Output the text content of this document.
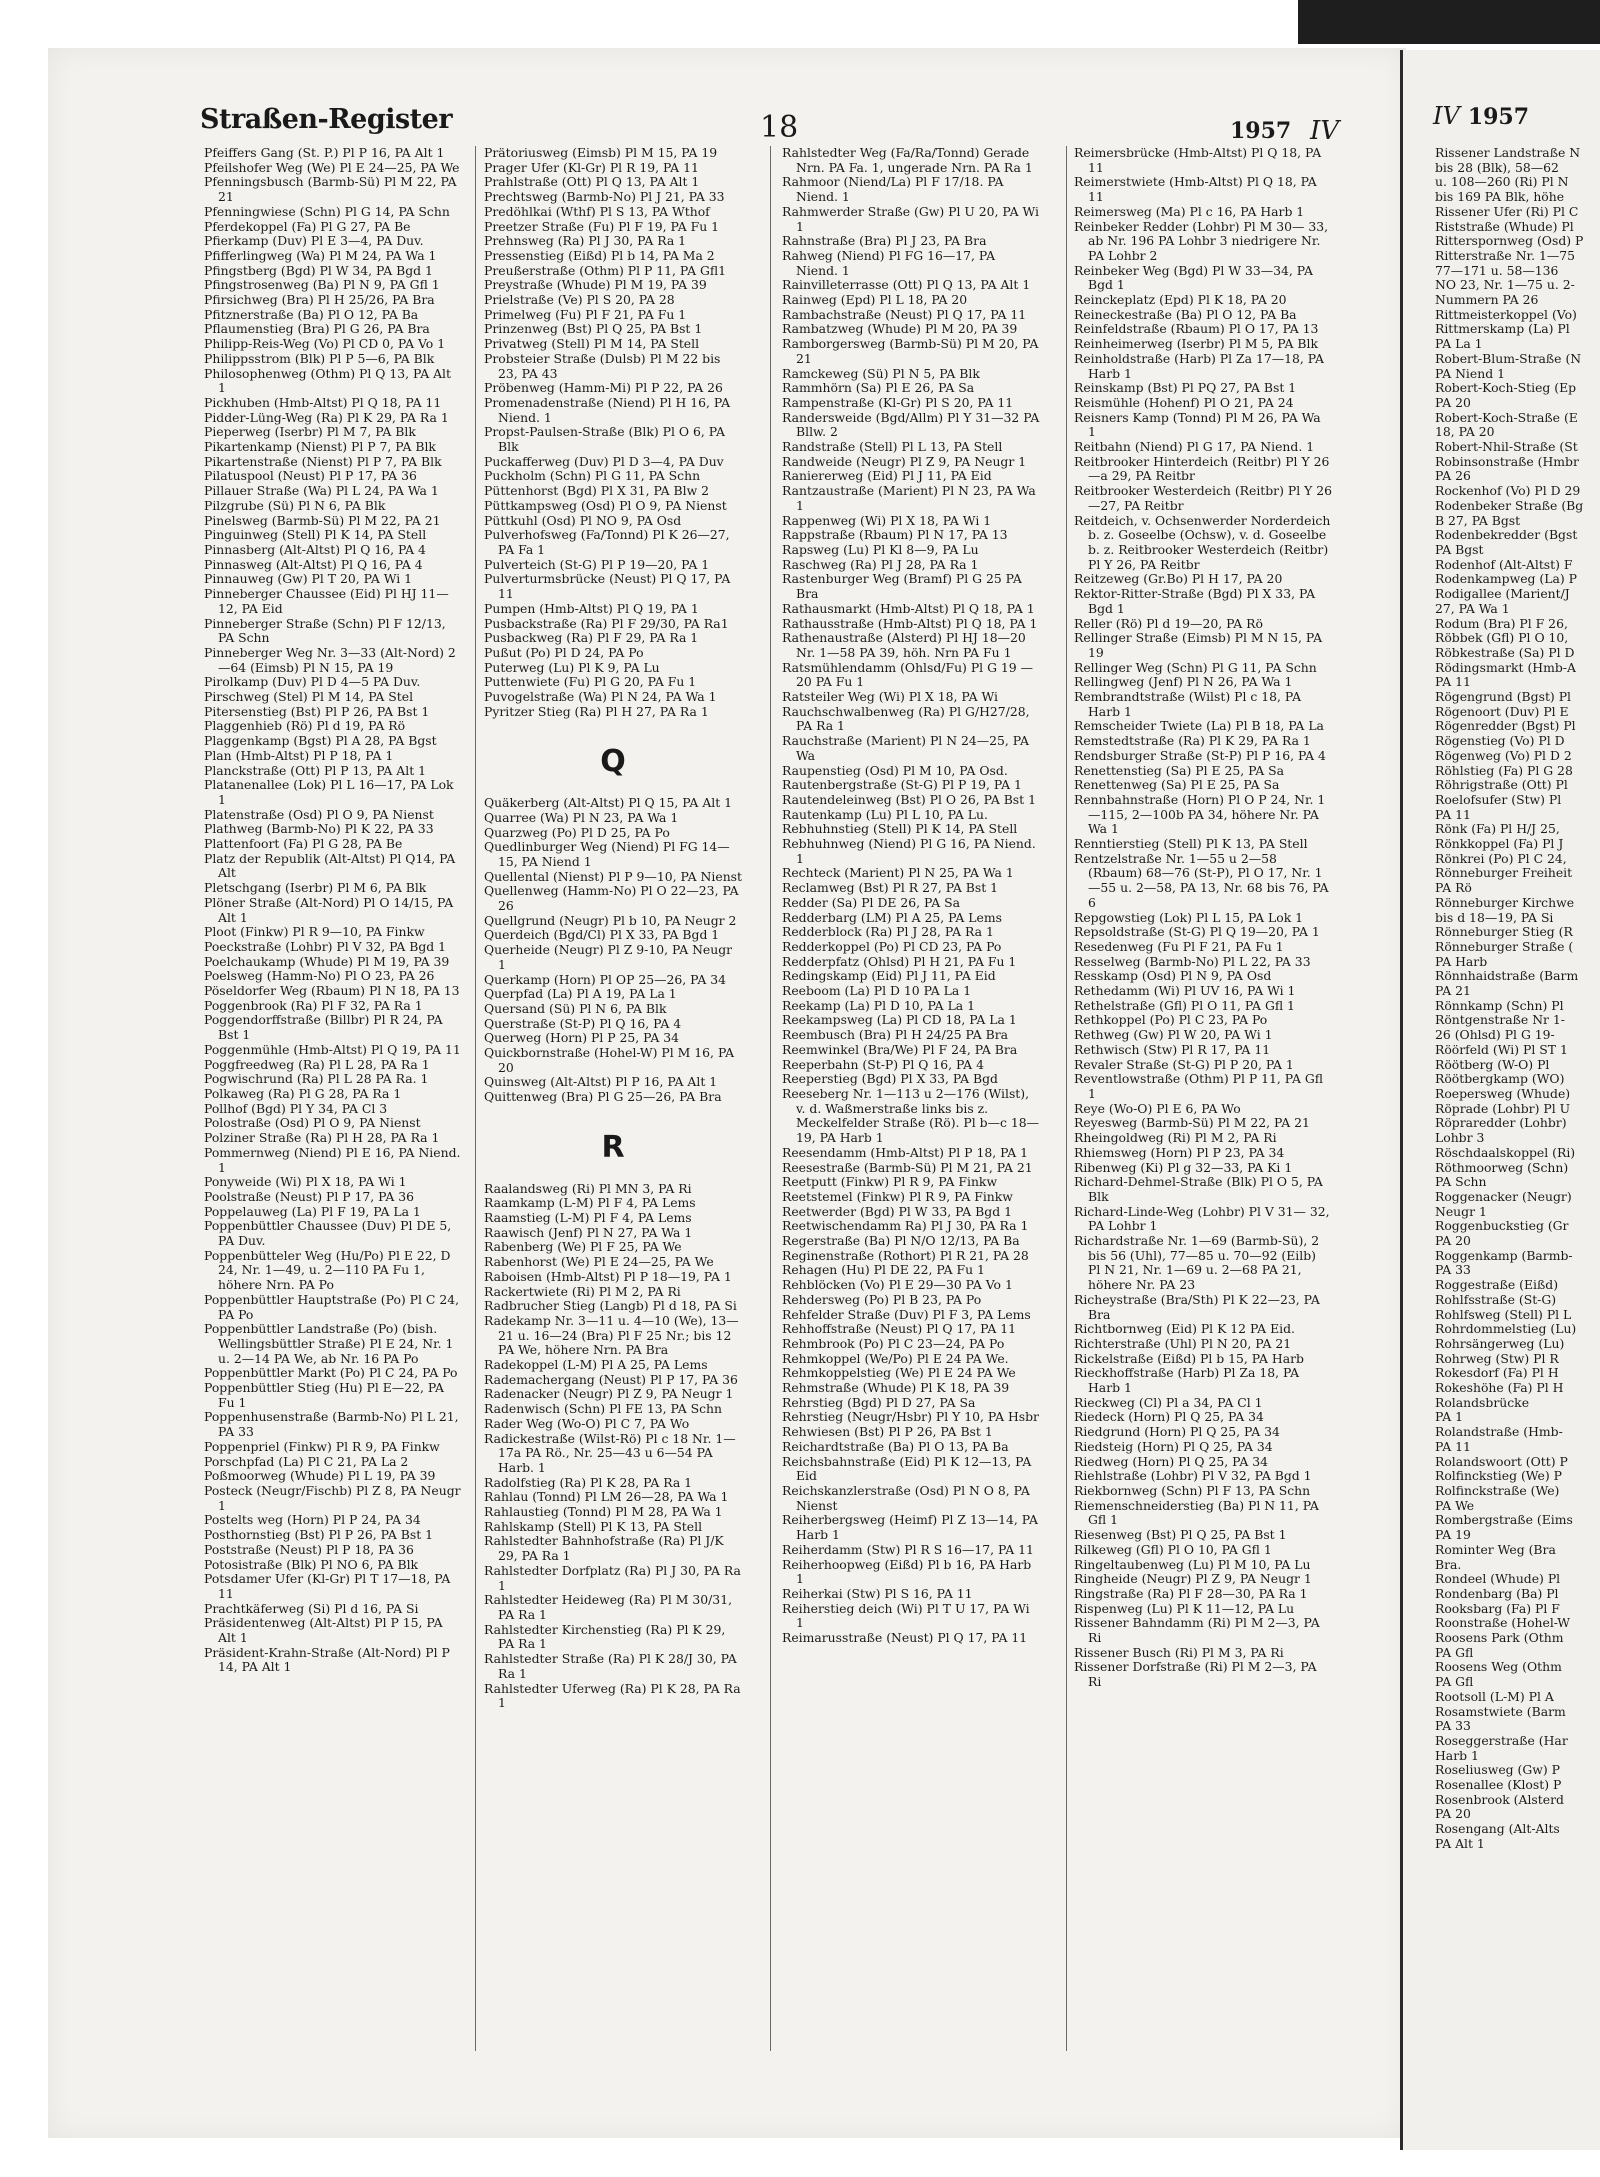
Straßen-Register	18	1957 IV

Pfeiffers Gang (St. P.) Pl P 16, PA Alt 1

Pfeilshofer Weg (We) Pl E 24—25, PA We

Pfenningsbusch (Barmb-Sü) Pl M 22, PA 21

Pfenningwiese (Schn) Pl G 14, PA Schn

Pferdekoppel (Fa) Pl G 27, PA Be

Pfierkamp (Duv) Pl E 3—4, PA Duv.

Pfifferlingweg (Wa) Pl M 24, PA Wa 1

Pfingstberg (Bgd) Pl W 34, PA Bgd 1

Pfingstrosenweg (Ba) Pl N 9, PA Gfl 1

Pfirsichweg (Bra) Pl H 25/26, PA Bra

Pfitznerstraße (Ba) Pl O 12, PA Ba

Pflaumenstieg (Bra) Pl G 26, PA Bra

Philipp-Reis-Weg (Vo) Pl CD 0, PA Vo 1

Philippsstrom (Blk) Pl P 5—6, PA Blk

Philosophenweg (Othm) Pl Q 13, PA Alt 1

Pickhuben (Hmb-Altst) Pl Q 18, PA 11

Pidder-Lüng-Weg (Ra) Pl K 29, PA Ra 1

Pieperweg (Iserbr) Pl M 7, PA Blk

Pikartenkamp (Nienst) Pl P 7, PA Blk

Pikartenstraße (Nienst) Pl P 7, PA Blk

Pilatuspool (Neust) Pl P 17, PA 36

Pillauer Straße (Wa) Pl L 24, PA Wa 1

Pilzgrube (Sü) Pl N 6, PA Blk

Pinelsweg (Barmb-Sü) Pl M 22, PA 21

Pinguinweg (Stell) Pl K 14, PA Stell

Pinnasberg (Alt-Altst) Pl Q 16, PA 4

Pinnasweg (Alt-Altst) Pl Q 16, PA 4

Pinnauweg (Gw) Pl T 20, PA Wi 1

Pinneberger Chaussee (Eid) Pl HJ 11—12, PA Eid

Pinneberger Straße (Schn) Pl F 12/13, PA Schn

Pinneberger Weg Nr. 3—33 (Alt-Nord) 2—64 (Eimsb) Pl N 15, PA 19

Pirolkamp (Duv) Pl D 4—5 PA Duv.

Pirschweg (Stel) Pl M 14, PA Stel

Pitersenstieg (Bst) Pl P 26, PA Bst 1

Plaggenhieb (Rö) Pl d 19, PA Rö

Plaggenkamp (Bgst) Pl A 28, PA Bgst

Plan (Hmb-Altst) Pl P 18, PA 1

Planckstraße (Ott) Pl P 13, PA Alt 1

Platanenallee (Lok) Pl L 16—17, PA Lok 1

Platenstraße (Osd) Pl O 9, PA Nienst

Plathweg (Barmb-No) Pl K 22, PA 33

Plattenfoort (Fa) Pl G 28, PA Be

Platz der Republik (Alt-Altst) Pl Q14, PA Alt

Pletschgang (Iserbr) Pl M 6, PA Blk

Plöner Straße (Alt-Nord) Pl O 14/15, PA Alt 1

Ploot (Finkw) Pl R 9—10, PA Finkw

Poeckstraße (Lohbr) Pl V 32, PA Bgd 1

Poelchaukamp (Whude) Pl M 19, PA 39

Poelsweg (Hamm-No) Pl O 23, PA 26

Pöseldorfer Weg (Rbaum) Pl N 18, PA 13

Poggenbrook (Ra) Pl F 32, PA Ra 1

Poggendorffstraße (Billbr) Pl R 24, PA Bst 1

Poggenmühle (Hmb-Altst) Pl Q 19, PA 11

Poggfreedweg (Ra) Pl L 28, PA Ra 1

Pogwischrund (Ra) Pl L 28 PA Ra. 1

Polkaweg (Ra) Pl G 28, PA Ra 1

Pollhof (Bgd) Pl Y 34, PA Cl 3

Polostraße (Osd) Pl O 9, PA Nienst

Polziner Straße (Ra) Pl H 28, PA Ra 1

Pommernweg (Niend) Pl E 16, PA Niend. 1

Ponyweide (Wi) Pl X 18, PA Wi 1

Poolstraße (Neust) Pl P 17, PA 36

Poppelauweg (La) Pl F 19, PA La 1

Poppenbüttler Chaussee (Duv) Pl DE 5, PA Duv.

Poppenbütteler Weg (Hu/Po) Pl E 22, D 24, Nr. 1—49, u. 2—110 PA Fu 1, höhere Nrn. PA Po

Poppenbüttler Hauptstraße (Po) Pl C 24, PA Po

Poppenbüttler Landstraße (Po) (bish. Wellingsbüttler Straße) Pl E 24, Nr. 1 u. 2—14 PA We, ab Nr. 16 PA Po

Poppenbüttler Markt (Po) Pl C 24, PA Po

Poppenbüttler Stieg (Hu) Pl E—22, PA Fu 1

Poppenhusenstraße (Barmb-No) Pl L 21, PA 33

Poppenpriel (Finkw) Pl R 9, PA Finkw

Porschpfad (La) Pl C 21, PA La 2

Poßmoorweg (Whude) Pl L 19, PA 39

Posteck (Neugr/Fischb) Pl Z 8, PA Neugr 1

Postelts weg (Horn) Pl P 24, PA 34

Posthornstieg (Bst) Pl P 26, PA Bst 1

Poststraße (Neust) Pl P 18, PA 36

Potosistraße (Blk) Pl NO 6, PA Blk

Potsdamer Ufer (Kl-Gr) Pl T 17—18, PA 11

Prachtkäferweg (Si) Pl d 16, PA Si

Präsidentenweg (Alt-Altst) Pl P 15, PA Alt 1

Präsident-Krahn-Straße (Alt-Nord) Pl P 14, PA Alt 1

Prätoriusweg (Eimsb) Pl M 15, PA 19

Prager Ufer (Kl-Gr) Pl R 19, PA 11

Prahlstraße (Ott) Pl Q 13, PA Alt 1

Prechtsweg (Barmb-No) Pl J 21, PA 33

Predöhlkai (Wthf) Pl S 13, PA Wthof

Preetzer Straße (Fu) Pl F 19, PA Fu 1

Prehnsweg (Ra) Pl J 30, PA Ra 1

Pressenstieg (Eißd) Pl b 14, PA Ma 2

Preußerstraße (Othm) Pl P 11, PA Gfl1

Preystraße (Whude) Pl M 19, PA 39

Prielstraße (Ve) Pl S 20, PA 28

Primelweg (Fu) Pl F 21, PA Fu 1

Prinzenweg (Bst) Pl Q 25, PA Bst 1

Privatweg (Stell) Pl M 14, PA Stell

Probsteier Straße (Dulsb) Pl M 22 bis 23, PA 43

Pröbenweg (Hamm-Mi) Pl P 22, PA 26

Promenadenstraße (Niend) Pl H 16, PA Niend. 1

Propst-Paulsen-Straße (Blk) Pl O 6, PA Blk

Puckafferweg (Duv) Pl D 3—4, PA Duv

Puckholm (Schn) Pl G 11, PA Schn

Püttenhorst (Bgd) Pl X 31, PA Blw 2

Püttkampsweg (Osd) Pl O 9, PA Nienst

Püttkuhl (Osd) Pl NO 9, PA Osd

Pulverhofsweg (Fa/Tonnd) Pl K 26—27, PA Fa 1

Pulverteich (St-G) Pl P 19—20, PA 1

Pulverturmsbrücke (Neust) Pl Q 17, PA 11

Pumpen (Hmb-Altst) Pl Q 19, PA 1

Pusbackstraße (Ra) Pl F 29/30, PA Ra1

Pusbackweg (Ra) Pl F 29, PA Ra 1

Pußut (Po) Pl D 24, PA Po

Puterweg (Lu) Pl K 9, PA Lu

Puttenwiete (Fu) Pl G 20, PA Fu 1

Puvogelstraße (Wa) Pl N 24, PA Wa 1

Pyritzer Stieg (Ra) Pl H 27, PA Ra 1

Q

Quäkerberg (Alt-Altst) Pl Q 15, PA Alt 1

Quarree (Wa) Pl N 23, PA Wa 1

Quarzweg (Po) Pl D 25, PA Po

Quedlinburger Weg (Niend) Pl FG 14—15, PA Niend 1

Quellental (Nienst) Pl P 9—10, PA Nienst

Quellenweg (Hamm-No) Pl O 22—23, PA 26

Quellgrund (Neugr) Pl b 10, PA Neugr 2

Querdeich (Bgd/Cl) Pl X 33, PA Bgd 1

Querheide (Neugr) Pl Z 9-10, PA Neugr 1

Querkamp (Horn) Pl OP 25—26, PA 34

Querpfad (La) Pl A 19, PA La 1

Quersand (Sü) Pl N 6, PA Blk

Querstraße (St-P) Pl Q 16, PA 4

Querweg (Horn) Pl P 25, PA 34

Quickbornstraße (Hohel-W) Pl M 16, PA 20

Quinsweg (Alt-Altst) Pl P 16, PA Alt 1

Quittenweg (Bra) Pl G 25—26, PA Bra

R

Raalandsweg (Ri) Pl MN 3, PA Ri

Raamkamp (L-M) Pl F 4, PA Lems

Raamstieg (L-M) Pl F 4, PA Lems

Raawisch (Jenf) Pl N 27, PA Wa 1

Rabenberg (We) Pl F 25, PA We

Rabenhorst (We) Pl E 24—25, PA We

Raboisen (Hmb-Altst) Pl P 18—19, PA 1

Rackertwiete (Ri) Pl M 2, PA Ri

Radbrucher Stieg (Langb) Pl d 18, PA Si

Radekamp Nr. 3—11 u. 4—10 (We), 13—21 u. 16—24 (Bra) Pl F 25 Nr.; bis 12 PA We, höhere Nrn. PA Bra

Radekoppel (L-M) Pl A 25, PA Lems

Rademachergang (Neust) Pl P 17, PA 36

Radenacker (Neugr) Pl Z 9, PA Neugr 1

Radenwisch (Schn) Pl FE 13, PA Schn

Rader Weg (Wo-O) Pl C 7, PA Wo

Radickestraße (Wilst-Rö) Pl c 18 Nr. 1—17a PA Rö., Nr. 25—43 u 6—54 PA Harb. 1

Radolfstieg (Ra) Pl K 28, PA Ra 1

Rahlau (Tonnd) Pl LM 26—28, PA Wa 1

Rahlaustieg (Tonnd) Pl M 28, PA Wa 1

Rahlskamp (Stell) Pl K 13, PA Stell

Rahlstedter Bahnhofstraße (Ra) Pl J/K 29, PA Ra 1

Rahlstedter Dorfplatz (Ra) Pl J 30, PA Ra 1

Rahlstedter Heideweg (Ra) Pl M 30/31, PA Ra 1

Rahlstedter Kirchenstieg (Ra) Pl K 29, PA Ra 1

Rahlstedter Straße (Ra) Pl K 28/J 30, PA Ra 1

Rahlstedter Uferweg (Ra) Pl K 28, PA Ra 1

Rahlstedter Weg (Fa/Ra/Tonnd) Gerade Nrn. PA Fa. 1, ungerade Nrn. PA Ra 1

Rahmoor (Niend/La) Pl F 17/18. PA Niend. 1

Rahmwerder Straße (Gw) Pl U 20, PA Wi 1

Rahnstraße (Bra) Pl J 23, PA Bra

Rahweg (Niend) Pl FG 16—17, PA Niend. 1

Rainvilleterrasse (Ott) Pl Q 13, PA Alt 1

Rainweg (Epd) Pl L 18, PA 20

Rambachstraße (Neust) Pl Q 17, PA 11

Rambatzweg (Whude) Pl M 20, PA 39

Ramborgersweg (Barmb-Sü) Pl M 20, PA 21

Ramckeweg (Sü) Pl N 5, PA Blk

Rammhörn (Sa) Pl E 26, PA Sa

Rampenstraße (Kl-Gr) Pl S 20, PA 11

Randersweide (Bgd/Allm) Pl Y 31—32 PA Bllw. 2

Randstraße (Stell) Pl L 13, PA Stell

Randweide (Neugr) Pl Z 9, PA Neugr 1

Raniererweg (Eid) Pl J 11, PA Eid

Rantzaustraße (Marient) Pl N 23, PA Wa 1

Rappenweg (Wi) Pl X 18, PA Wi 1

Rappstraße (Rbaum) Pl N 17, PA 13

Rapsweg (Lu) Pl Kl 8—9, PA Lu

Raschweg (Ra) Pl J 28, PA Ra 1

Rastenburger Weg (Bramf) Pl G 25 PA Bra

Rathausmarkt (Hmb-Altst) Pl Q 18, PA 1

Rathausstraße (Hmb-Altst) Pl Q 18, PA 1

Rathenaustraße (Alsterd) Pl HJ 18—20 Nr. 1—58 PA 39, höh. Nrn PA Fu 1

Ratsmühlendamm (Ohlsd/Fu) Pl G 19 —20 PA Fu 1

Ratsteiler Weg (Wi) Pl X 18, PA Wi

Rauchschwalbenweg (Ra) Pl G/H27/28, PA Ra 1

Rauchstraße (Marient) Pl N 24—25, PA Wa

Raupenstieg (Osd) Pl M 10, PA Osd.

Rautenbergstraße (St-G) Pl P 19, PA 1

Rautendeleinweg (Bst) Pl O 26, PA Bst 1

Rautenkamp (Lu) Pl L 10, PA Lu.

Rebhuhnstieg (Stell) Pl K 14, PA Stell

Rebhuhnweg (Niend) Pl G 16, PA Niend. 1

Rechteck (Marient) Pl N 25, PA Wa 1

Reclamweg (Bst) Pl R 27, PA Bst 1

Redder (Sa) Pl DE 26, PA Sa

Redderbarg (LM) Pl A 25, PA Lems

Redderblock (Ra) Pl J 28, PA Ra 1

Redderkoppel (Po) Pl CD 23, PA Po

Redderpfatz (Ohlsd) Pl H 21, PA Fu 1

Redingskamp (Eid) Pl J 11, PA Eid

Reeboom (La) Pl D 10 PA La 1

Reekamp (La) Pl D 10, PA La 1

Reekampsweg (La) Pl CD 18, PA La 1

Reembusch (Bra) Pl H 24/25 PA Bra

Reemwinkel (Bra/We) Pl F 24, PA Bra

Reeperbahn (St-P) Pl Q 16, PA 4

Reeperstieg (Bgd) Pl X 33, PA Bgd

Reeseberg Nr. 1—113 u 2—176 (Wilst), v. d. Waßmerstraße links bis z. Meckelfelder Straße (Rö). Pl b—c 18—19, PA Harb 1

Reesendamm (Hmb-Altst) Pl P 18, PA 1

Reesestraße (Barmb-Sü) Pl M 21, PA 21

Reetputt (Finkw) Pl R 9, PA Finkw

Reetstemel (Finkw) Pl R 9, PA Finkw

Reetwerder (Bgd) Pl W 33, PA Bgd 1

Reetwischendamm Ra) Pl J 30, PA Ra 1

Regerstraße (Ba) Pl N/O 12/13, PA Ba

Reginenstraße (Rothort) Pl R 21, PA 28

Rehagen (Hu) Pl DE 22, PA Fu 1

Rehblöcken (Vo) Pl E 29—30 PA Vo 1

Rehdersweg (Po) Pl B 23, PA Po

Rehfelder Straße (Duv) Pl F 3, PA Lems

Rehhoffstraße (Neust) Pl Q 17, PA 11

Rehmbrook (Po) Pl C 23—24, PA Po

Rehmkoppel (We/Po) Pl E 24 PA We.

Rehmkoppelstieg (We) Pl E 24 PA We

Rehmstraße (Whude) Pl K 18, PA 39

Rehrstieg (Bgd) Pl D 27, PA Sa

Rehrstieg (Neugr/Hsbr) Pl Y 10, PA Hsbr

Rehwiesen (Bst) Pl P 26, PA Bst 1

Reichardtstraße (Ba) Pl O 13, PA Ba

Reichsbahnstraße (Eid) Pl K 12—13, PA Eid

Reichskanzlerstraße (Osd) Pl N O 8, PA Nienst

Reiherbergsweg (Heimf) Pl Z 13—14, PA Harb 1

Reiherdamm (Stw) Pl R S 16—17, PA 11

Reiherhoopweg (Eißd) Pl b 16, PA Harb 1

Reiherkai (Stw) Pl S 16, PA 11

Reiherstieg deich (Wi) Pl T U 17, PA Wi 1

Reimarusstraße (Neust) Pl Q 17, PA 11

Reimersbrücke (Hmb-Altst) Pl Q 18, PA 11

Reimerstwiete (Hmb-Altst) Pl Q 18, PA 11

Reimersweg (Ma) Pl c 16, PA Harb 1

Reinbeker Redder (Lohbr) Pl M 30— 33, ab Nr. 196 PA Lohbr 3 niedrigere Nr. PA Lohbr 2

Reinbeker Weg (Bgd) Pl W 33—34, PA Bgd 1

Reinckeplatz (Epd) Pl K 18, PA 20

Reineckestraße (Ba) Pl O 12, PA Ba

Reinfeldstraße (Rbaum) Pl O 17, PA 13

Reinheimerweg (Iserbr) Pl M 5, PA Blk

Reinholdstraße (Harb) Pl Za 17—18, PA Harb 1

Reinskamp (Bst) Pl PQ 27, PA Bst 1

Reismühle (Hohenf) Pl O 21, PA 24

Reisners Kamp (Tonnd) Pl M 26, PA Wa 1

Reitbahn (Niend) Pl G 17, PA Niend. 1

Reitbrooker Hinterdeich (Reitbr) Pl Y 26—a 29, PA Reitbr

Reitbrooker Westerdeich (Reitbr) Pl Y 26—27, PA Reitbr

Reitdeich, v. Ochsenwerder Norderdeich b. z. Goseelbe (Ochsw), v. d. Goseelbe b. z. Reitbrooker Westerdeich (Reitbr) Pl Y 26, PA Reitbr

Reitzeweg (Gr.Bo) Pl H 17, PA 20

Rektor-Ritter-Straße (Bgd) Pl X 33, PA Bgd 1

Reller (Rö) Pl d 19—20, PA Rö

Rellinger Straße (Eimsb) Pl M N 15, PA 19

Rellinger Weg (Schn) Pl G 11, PA Schn

Rellingweg (Jenf) Pl N 26, PA Wa 1

Rembrandtstraße (Wilst) Pl c 18, PA Harb 1

Remscheider Twiete (La) Pl B 18, PA La

Remstedtstraße (Ra) Pl K 29, PA Ra 1

Rendsburger Straße (St-P) Pl P 16, PA 4

Renettenstieg (Sa) Pl E 25, PA Sa

Renettenweg (Sa) Pl E 25, PA Sa

Rennbahnstraße (Horn) Pl O P 24, Nr. 1—115, 2—100b PA 34, höhere Nr. PA Wa 1

Renntierstieg (Stell) Pl K 13, PA Stell

Rentzelstraße Nr. 1—55 u 2—58 (Rbaum) 68—76 (St-P), Pl O 17, Nr. 1—55 u. 2—58, PA 13, Nr. 68 bis 76, PA 6

Repgowstieg (Lok) Pl L 15, PA Lok 1

Repsoldstraße (St-G) Pl Q 19—20, PA 1

Resedenweg (Fu Pl F 21, PA Fu 1

Resselweg (Barmb-No) Pl L 22, PA 33

Resskamp (Osd) Pl N 9, PA Osd

Rethedamm (Wi) Pl UV 16, PA Wi 1

Rethelstraße (Gfl) Pl O 11, PA Gfl 1

Rethkoppel (Po) Pl C 23, PA Po

Rethweg (Gw) Pl W 20, PA Wi 1

Rethwisch (Stw) Pl R 17, PA 11

Revaler Straße (St-G) Pl P 20, PA 1

Reventlowstraße (Othm) Pl P 11, PA Gfl 1

Reye (Wo-O) Pl E 6, PA Wo

Reyesweg (Barmb-Sü) Pl M 22, PA 21

Rheingoldweg (Ri) Pl M 2, PA Ri

Rhiemsweg (Horn) Pl P 23, PA 34

Ribenweg (Ki) Pl g 32—33, PA Ki 1

Richard-Dehmel-Straße (Blk) Pl O 5, PA Blk

Richard-Linde-Weg (Lohbr) Pl V 31— 32, PA Lohbr 1

Richardstraße Nr. 1—69 (Barmb-Sü), 2 bis 56 (Uhl), 77—85 u. 70—92 (Eilb) Pl N 21, Nr. 1—69 u. 2—68 PA 21, höhere Nr. PA 23

Richeystraße (Bra/Sth) Pl K 22—23, PA Bra

Richtbornweg (Eid) Pl K 12 PA Eid.

Richterstraße (Uhl) Pl N 20, PA 21

Rickelstraße (Eißd) Pl b 15, PA Harb

Rieckhoffstraße (Harb) Pl Za 18, PA Harb 1

Rieckweg (Cl) Pl a 34, PA Cl 1

Riedeck (Horn) Pl Q 25, PA 34

Riedgrund (Horn) Pl Q 25, PA 34

Riedsteig (Horn) Pl Q 25, PA 34

Riedweg (Horn) Pl Q 25, PA 34

Riehlstraße (Lohbr) Pl V 32, PA Bgd 1

Riekbornweg (Schn) Pl F 13, PA Schn

Riemenschneiderstieg (Ba) Pl N 11, PA Gfl 1

Riesenweg (Bst) Pl Q 25, PA Bst 1

Rilkeweg (Gfl) Pl O 10, PA Gfl 1

Ringeltaubenweg (Lu) Pl M 10, PA Lu

Ringheide (Neugr) Pl Z 9, PA Neugr 1

Ringstraße (Ra) Pl F 28—30, PA Ra 1

Rispenweg (Lu) Pl K 11—12, PA Lu

Rissener Bahndamm (Ri) Pl M 2—3, PA Ri

Rissener Busch (Ri) Pl M 3, PA Ri

Rissener Dorfstraße (Ri) Pl M 2—3, PA Ri

IV 1957

Rissener Landstraße N

bis 28 (Blk), 58—62

u. 108—260 (Ri) Pl N

bis 169 PA Blk, höhe

Rissener Ufer (Ri) Pl C

Riststraße (Whude) Pl

Ritterspornweg (Osd) P

Ritterstraße Nr. 1—75

77—171 u. 58—136

NO 23, Nr. 1—75 u. 2-

Nummern PA 26

Rittmeisterkoppel (Vo)

Rittmerskamp (La) Pl

PA La 1

Robert-Blum-Straße (N

PA Niend 1

Robert-Koch-Stieg (Ep

PA 20

Robert-Koch-Straße (E

18, PA 20

Robert-Nhil-Straße (St

Robinsonstraße (Hmbr

PA 26

Rockenhof (Vo) Pl D 29

Rodenbeker Straße (Bg

B 27, PA Bgst

Rodenbekredder (Bgst

PA Bgst

Rodenhof (Alt-Altst) F

Rodenkampweg (La) P

Rodigallee (Marient/J

27, PA Wa 1

Rodum (Bra) Pl F 26,

Röbbek (Gfl) Pl O 10,

Röbkestraße (Sa) Pl D

Rödingsmarkt (Hmb-A

PA 11

Rögengrund (Bgst) Pl

Rögenoort (Duv) Pl E

Rögenredder (Bgst) Pl

Rögenstieg (Vo) Pl D

Rögenweg (Vo) Pl D 2

Röhlstieg (Fa) Pl G 28

Röhrigstraße (Ott) Pl

Roelofsufer (Stw) Pl

PA 11

Rönk (Fa) Pl H/J 25,

Rönkkoppel (Fa) Pl J

Rönkrei (Po) Pl C 24,

Rönneburger Freiheit

PA Rö

Rönneburger Kirchwe

bis d 18—19, PA Si

Rönneburger Stieg (R

Rönneburger Straße (

PA Harb

Rönnhaidstraße (Barm

PA 21

Rönnkamp (Schn) Pl

Röntgenstraße Nr 1-

26 (Ohlsd) Pl G 19-

Röörfeld (Wi) Pl ST 1

Röötberg (W-O) Pl

Röötbergkamp (WO)

Roepersweg (Whude)

Röprade (Lohbr) Pl U

Röpraredder (Lohbr)

Lohbr 3

Röschdaalskoppel (Ri)

Röthmoorweg (Schn)

PA Schn

Roggenacker (Neugr)

Neugr 1

Roggenbuckstieg (Gr

PA 20

Roggenkamp (Barmb-

PA 33

Roggestraße (Eißd)

Rohlfsstraße (St-G)

Rohlfsweg (Stell) Pl L

Rohrdommelstieg (Lu)

Rohrsängerweg (Lu)

Rohrweg (Stw) Pl R

Rokesdorf (Fa) Pl H

Rokeshöhe (Fa) Pl H

Rolandsbrücke

PA 1

Rolandstraße (Hmb-

PA 11

Rolandswoort (Ott) P

Rolfinckstieg (We) P

Rolfinckstraße (We)

PA We

Rombergstraße (Eims

PA 19

Rominter Weg (Bra

Bra.

Rondeel (Whude) Pl

Rondenbarg (Ba) Pl

Rooksbarg (Fa) Pl F

Roonstraße (Hohel-W

Roosens Park (Othm

PA Gfl

Roosens Weg (Othm

PA Gfl

Rootsoll (L-M) Pl A

Rosamstwiete (Barm

PA 33

Roseggerstraße (Har

Harb 1

Roseliusweg (Gw) P

Rosenallee (Klost) P

Rosenbrook (Alsterd

PA 20

Rosengang (Alt-Alts

PA Alt 1
